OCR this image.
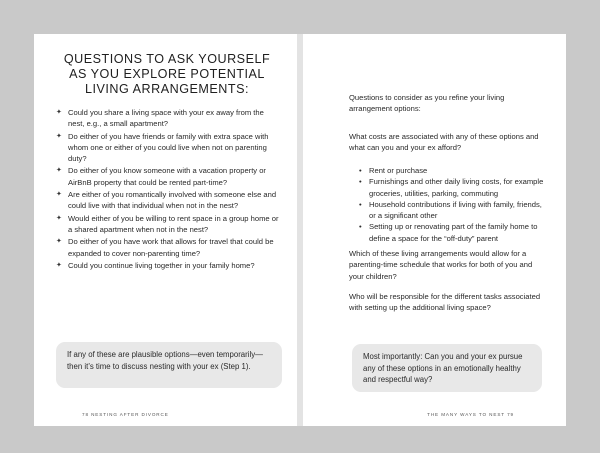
QUESTIONS TO ASK YOURSELF
AS YOU EXPLORE POTENTIAL
LIVING ARRANGEMENTS:
✦ Could you share a living space with your ex away from the nest, e.g., a small apartment?
✦ Do either of you have friends or family with extra space with whom one or either of you could live when not on parenting duty?
✦ Do either of you know someone with a vacation property or AirBnB property that could be rented part-time?
✦ Are either of you romantically involved with someone else and could live with that individual when not in the nest?
✦ Would either of you be willing to rent space in a group home or a shared apartment when not in the nest?
✦ Do either of you have work that allows for travel that could be expanded to cover non-parenting time?
✦ Could you continue living together in your family home?
If any of these are plausible options—even temporarily—then it’s time to discuss nesting with your ex (Step 1).
78 NESTING AFTER DIVORCE

Questions to consider as you refine your living arrangement options:

What costs are associated with any of these options and what can you and your ex afford?

• Rent or purchase
• Furnishings and other daily living costs, for example groceries, utilities, parking, commuting
• Household contributions if living with family, friends, or a significant other
• Setting up or renovating part of the family home to define a space for the “off-duty” parent

Which of these living arrangements would allow for a parenting-time schedule that works for both of you and your children?

Who will be responsible for the different tasks associated with setting up the additional living space?

Most importantly: Can you and your ex pursue any of these options in an emotionally healthy and respectful way?
THE MANY WAYS TO NEST 79
